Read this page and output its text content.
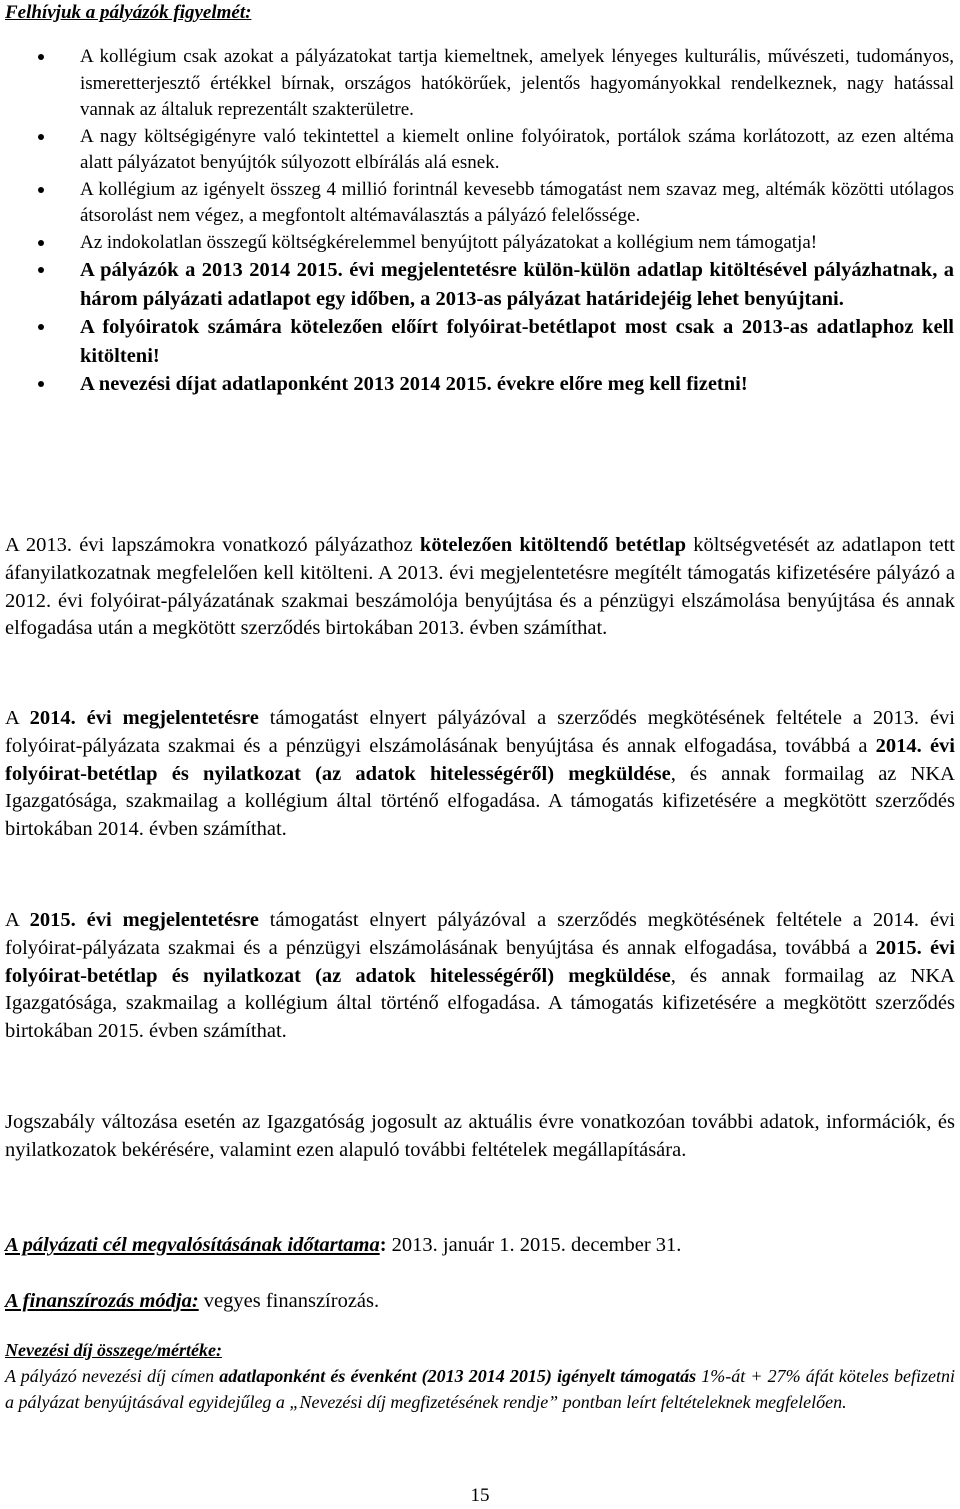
Felhívjuk a pályázók figyelmét:
A kollégium csak azokat a pályázatokat tartja kiemeltnek, amelyek lényeges kulturális, művészeti, tudományos, ismeretterjesztő értékkel bírnak, országos hatókörűek, jelentős hagyományokkal rendelkeznek, nagy hatással vannak az általuk reprezentált szakterületre.
A nagy költségigényre való tekintettel a kiemelt online folyóiratok, portálok száma korlátozott, az ezen altéma alatt pályázatot benyújtók súlyozott elbírálás alá esnek.
A kollégium az igényelt összeg 4 millió forintnál kevesebb támogatást nem szavaz meg, altémák közötti utólagos átsorolást nem végez, a megfontolt altémaválasztás a pályázó felelőssége.
Az indokolatlan összegű költségkérelemmel benyújtott pályázatokat a kollégium nem támogatja!
A pályázók a 2013 2014 2015. évi megjelentetésre külön-külön adatlap kitöltésével pályázhatnak, a három pályázati adatlapot egy időben, a 2013-as pályázat határidejéig lehet benyújtani.
A folyóiratok számára kötelezően előírt folyóirat-betétlapot most csak a 2013-as adatlaphoz kell kitölteni!
A nevezési díjat adatlaponként 2013 2014 2015. évekre előre meg kell fizetni!

A 2013. évi lapszámokra vonatkozó pályázathoz kötelezően kitöltendő betétlap költségvetését az adatlapon tett áfanyilatkozatnak megfelelően kell kitölteni. A 2013. évi megjelentetésre megítélt támogatás kifizetésére pályázó a 2012. évi folyóirat-pályázatának szakmai beszámolója benyújtása és a pénzügyi elszámolása benyújtása és annak elfogadása után a megkötött szerződés birtokában 2013. évben számíthat.

A 2014. évi megjelentetésre támogatást elnyert pályázóval a szerződés megkötésének feltétele a 2013. évi folyóirat-pályázata szakmai és a pénzügyi elszámolásának benyújtása és annak elfogadása, továbbá a 2014. évi folyóirat-betétlap és nyilatkozat (az adatok hitelességéről) megküldése, és annak formailag az NKA Igazgatósága, szakmailag a kollégium által történő elfogadása. A támogatás kifizetésére a megkötött szerződés birtokában 2014. évben számíthat.

A 2015. évi megjelentetésre támogatást elnyert pályázóval a szerződés megkötésének feltétele a 2014. évi folyóirat-pályázata szakmai és a pénzügyi elszámolásának benyújtása és annak elfogadása, továbbá a 2015. évi folyóirat-betétlap és nyilatkozat (az adatok hitelességéről) megküldése, és annak formailag az NKA Igazgatósága, szakmailag a kollégium által történő elfogadása. A támogatás kifizetésére a megkötött szerződés birtokában 2015. évben számíthat.

Jogszabály változása esetén az Igazgatóság jogosult az aktuális évre vonatkozóan további adatok, információk, és nyilatkozatok bekérésére, valamint ezen alapuló további feltételek megállapítására.

A pályázati cél megvalósításának időtartama: 2013. január 1. 2015. december 31.

A finanszírozás módja: vegyes finanszírozás.

Nevezési díj összege/mértéke:

A pályázó nevezési díj címen adatlaponként és évenként (2013 2014 2015) igényelt támogatás 1%-át + 27% áfát köteles befizetni a pályázat benyújtásával egyidejűleg a „Nevezési díj megfizetésének rendje” pontban leírt feltételeknek megfelelően.

15
